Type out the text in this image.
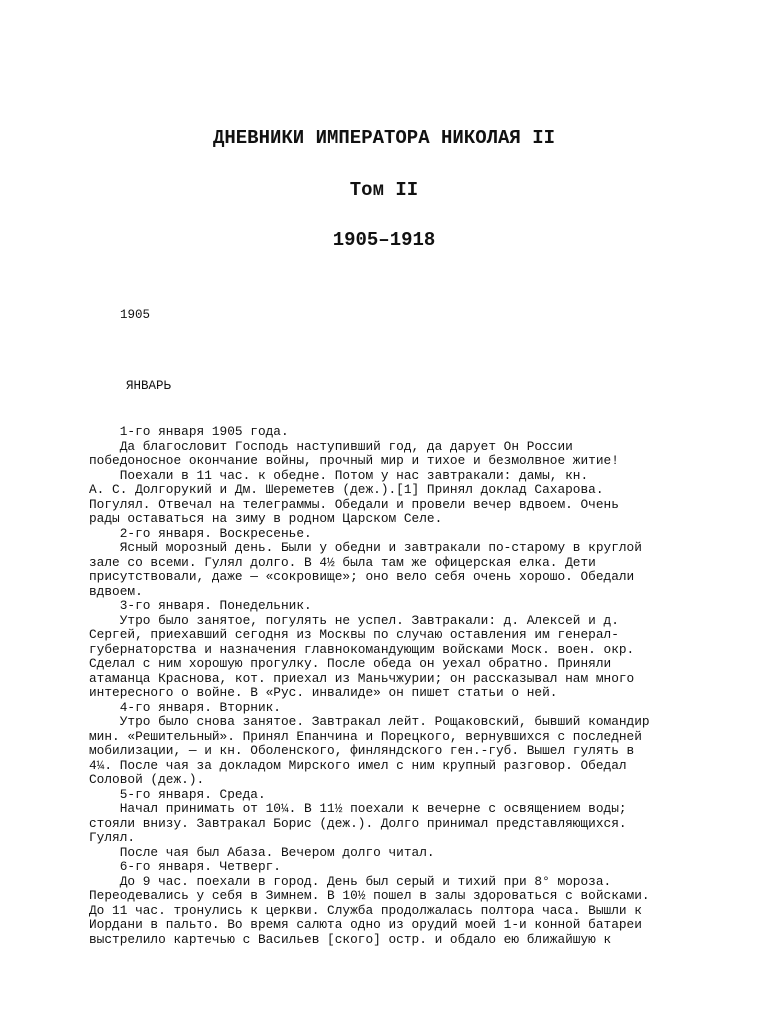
ДНЕВНИКИ ИМПЕРАТОРА НИКОЛАЯ II
Том II
1905–1918
1905
ЯНВАРЬ
1-го января 1905 года.
Да благословит Господь наступивший год, да дарует Он России
победоносное окончание войны, прочный мир и тихое и безмолвное житие!
Поехали в 11 час. к обедне. Потом у нас завтракали: дамы, кн.
А. С. Долгорукий и Дм. Шереметев (деж.).[1] Принял доклад Сахарова.
Погулял. Отвечал на телеграммы. Обедали и провели вечер вдвоем. Очень
рады оставаться на зиму в родном Царском Селе.
2-го января. Воскресенье.
Ясный морозный день. Были у обедни и завтракали по-старому в круглой
зале со всеми. Гулял долго. В 4½ была там же офицерская елка. Дети
присутствовали, даже — «сокровище»; оно вело себя очень хорошо. Обедали
вдвоем.
3-го января. Понедельник.
Утро было занятое, погулять не успел. Завтракали: д. Алексей и д.
Сергей, приехавший сегодня из Москвы по случаю оставления им генерал-
губернаторства и назначения главнокомандующим войсками Моск. воен. окр.
Сделал с ним хорошую прогулку. После обеда он уехал обратно. Приняли
атаманца Краснова, кот. приехал из Маньчжурии; он рассказывал нам много
интересного о войне. В «Рус. инвалиде» он пишет статьи о ней.
4-го января. Вторник.
Утро было снова занятое. Завтракал лейт. Рощаковский, бывший командир
мин. «Решительный». Принял Епанчина и Порецкого, вернувшихся с последней
мобилизации, — и кн. Оболенского, финляндского ген.-губ. Вышел гулять в
4¼. После чая за докладом Мирского имел с ним крупный разговор. Обедал
Соловой (деж.).
5-го января. Среда.
Начал принимать от 10¼. В 11½ поехали к вечерне с освящением воды;
стояли внизу. Завтракал Борис (деж.). Долго принимал представляющихся.
Гулял.
После чая был Абаза. Вечером долго читал.
6-го января. Четверг.
До 9 час. поехали в город. День был серый и тихий при 8° мороза.
Переодевались у себя в Зимнем. В 10½ пошел в залы здороваться с войсками.
До 11 час. тронулись к церкви. Служба продолжалась полтора часа. Вышли к
Иордани в пальто. Во время салюта одно из орудий моей 1-и конной батареи
выстрелило картечью с Васильев [ского] остр. и обдало ею ближайшую к
